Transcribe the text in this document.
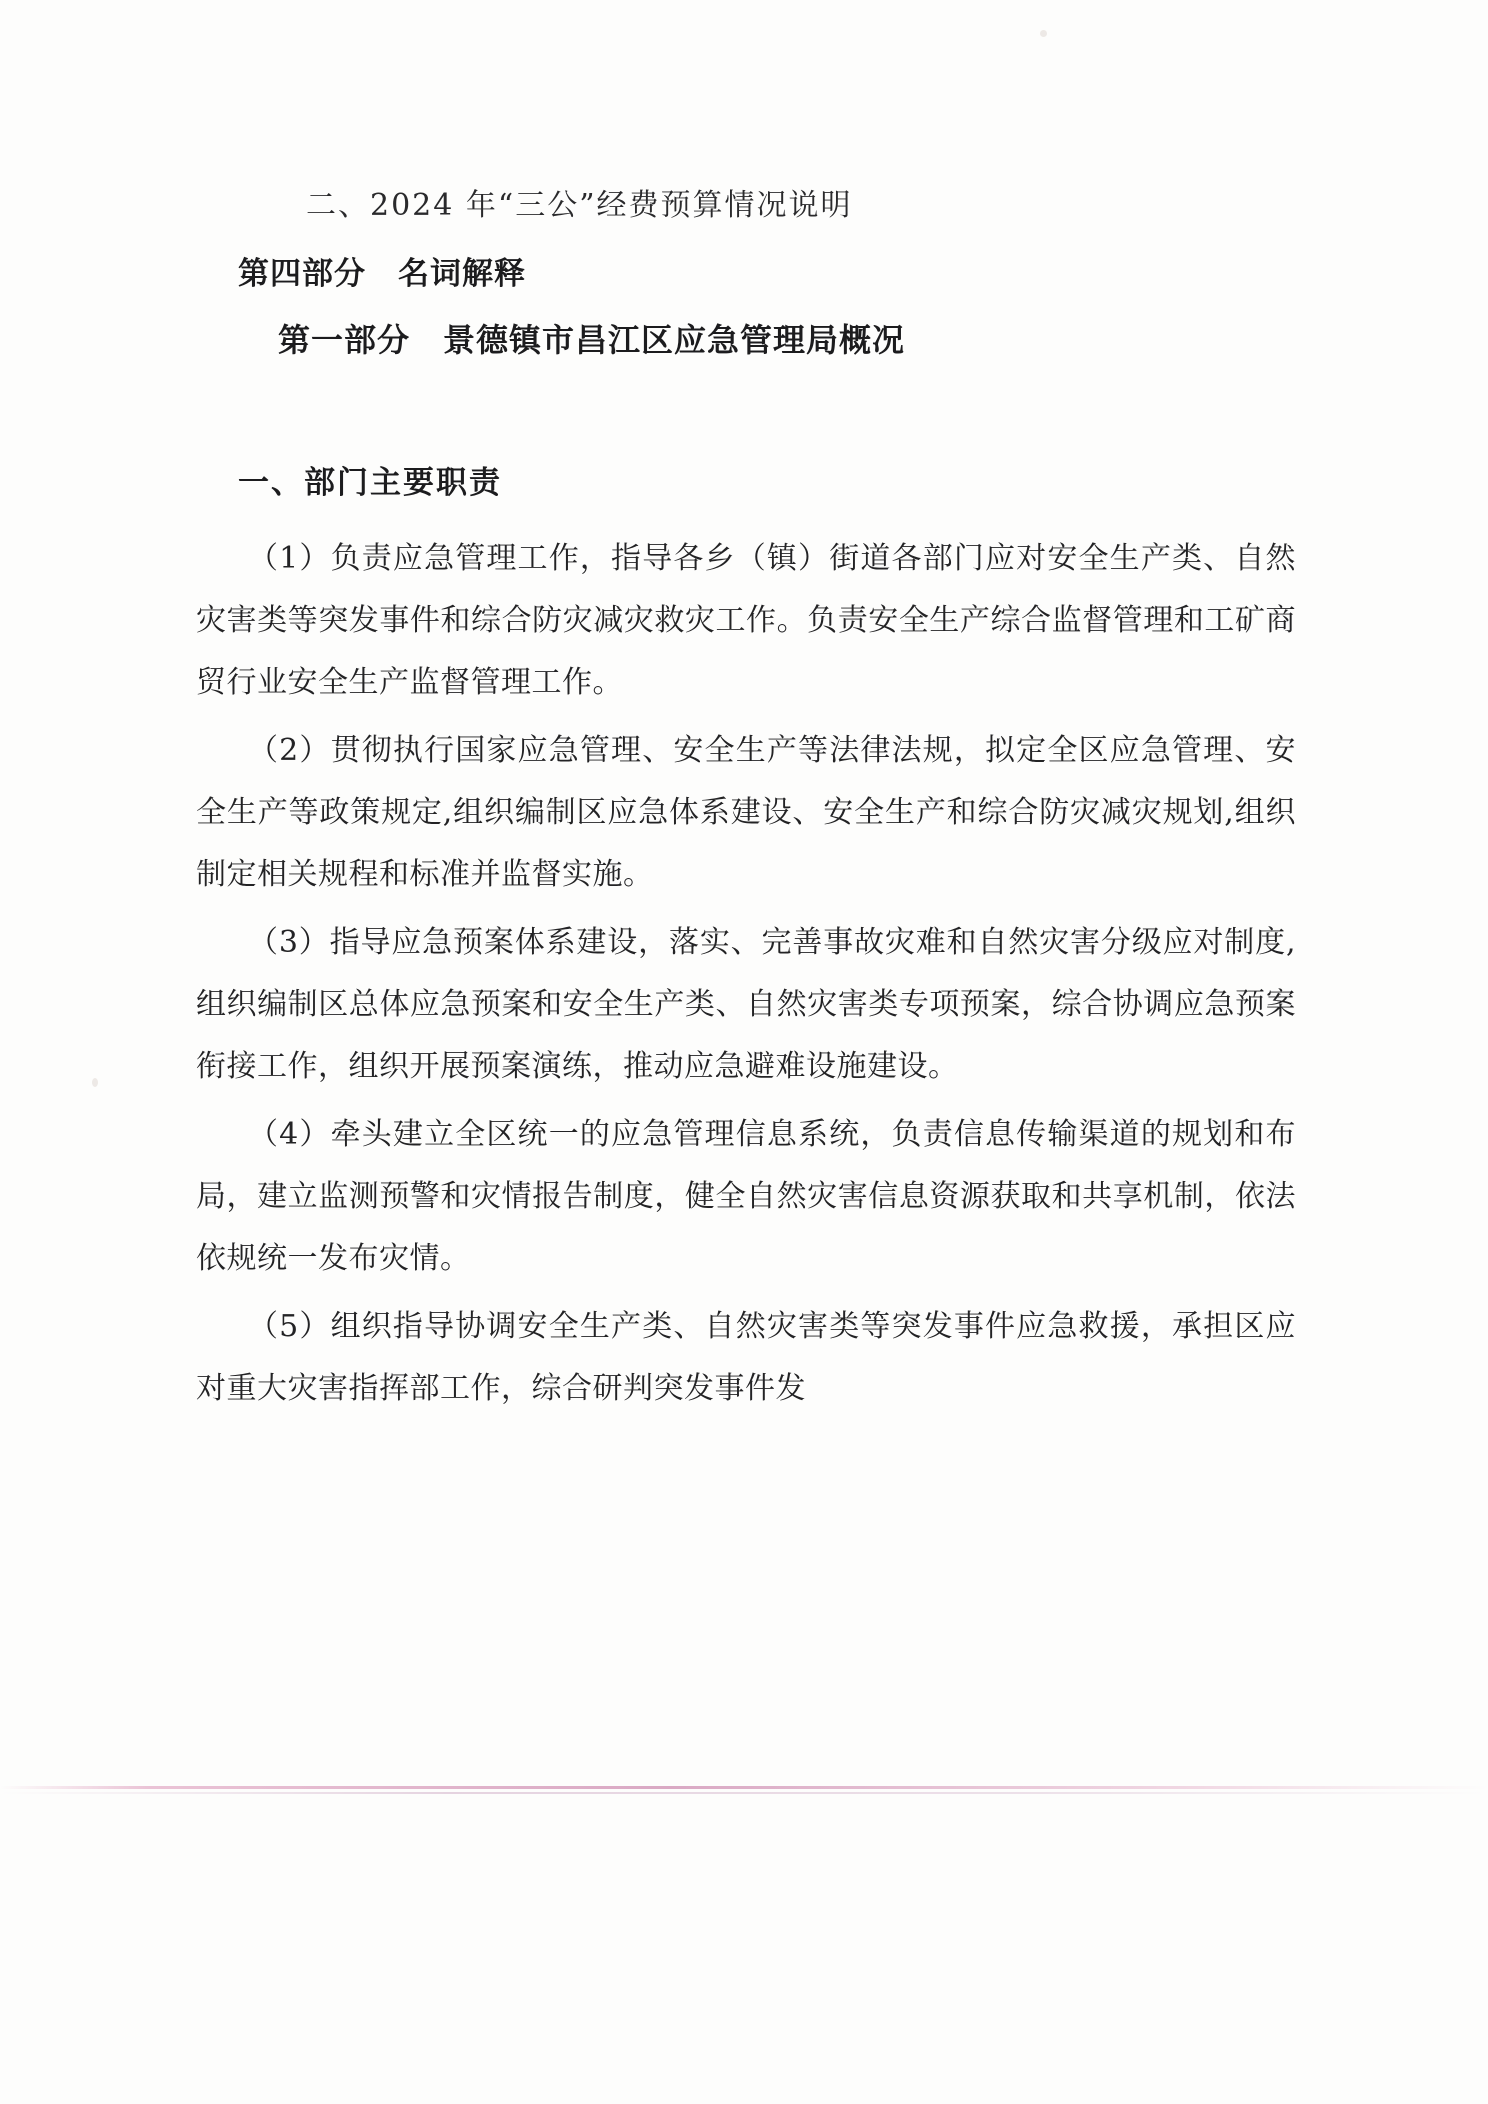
二、2024 年“三公”经费预算情况说明
第四部分　名词解释
第一部分　景德镇市昌江区应急管理局概况
一、部门主要职责

（1）负责应急管理工作，指导各乡（镇）街道各部门应对安全生产类、自然灾害类等突发事件和综合防灾减灾救灾工作。负责安全生产综合监督管理和工矿商贸行业安全生产监督管理工作。

（2）贯彻执行国家应急管理、安全生产等法律法规，拟定全区应急管理、安全生产等政策规定,组织编制区应急体系建设、安全生产和综合防灾减灾规划,组织制定相关规程和标准并监督实施。

（3）指导应急预案体系建设，落实、完善事故灾难和自然灾害分级应对制度,组织编制区总体应急预案和安全生产类、自然灾害类专项预案，综合协调应急预案衔接工作，组织开展预案演练，推动应急避难设施建设。

（4）牵头建立全区统一的应急管理信息系统，负责信息传输渠道的规划和布局，建立监测预警和灾情报告制度，健全自然灾害信息资源获取和共享机制，依法依规统一发布灾情。

（5）组织指导协调安全生产类、自然灾害类等突发事件应急救援，承担区应对重大灾害指挥部工作，综合研判突发事件发
